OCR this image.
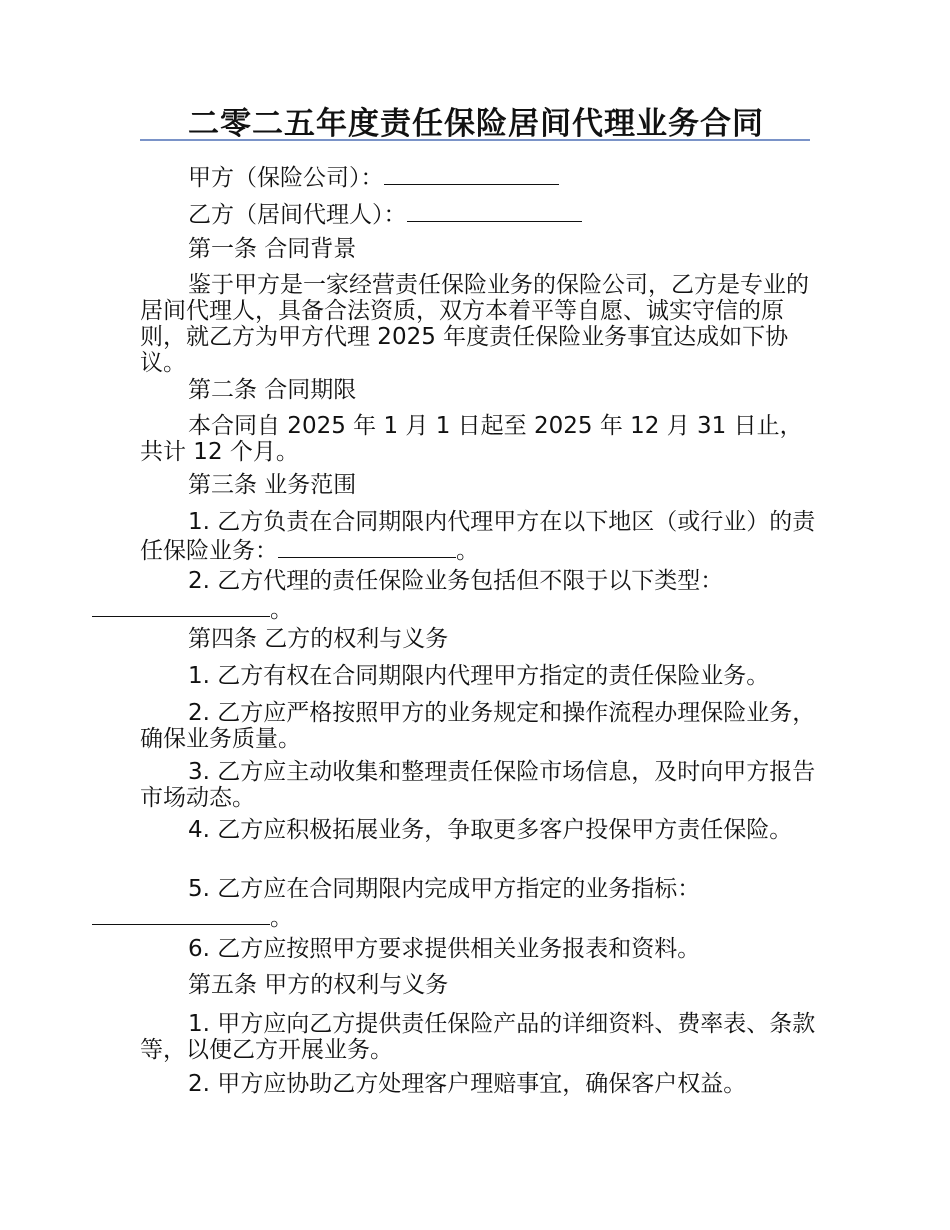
二零二五年度责任保险居间代理业务合同

甲方（保险公司）：

乙方（居间代理人）：

第一条 合同背景

鉴于甲方是一家经营责任保险业务的保险公司，乙方是专业的居间代理人，具备合法资质，双方本着平等自愿、诚实守信的原则，就乙方为甲方代理 2025 年度责任保险业务事宜达成如下协议。

第二条 合同期限

本合同自 2025 年 1 月 1 日起至 2025 年 12 月 31 日止，共计 12 个月。

第三条 业务范围

1. 乙方负责在合同期限内代理甲方在以下地区（或行业）的责任保险业务：	。

2. 乙方代理的责任保险业务包括但不限于以下类型：
。

第四条 乙方的权利与义务

1. 乙方有权在合同期限内代理甲方指定的责任保险业务。

2. 乙方应严格按照甲方的业务规定和操作流程办理保险业务，确保业务质量。

3. 乙方应主动收集和整理责任保险市场信息，及时向甲方报告市场动态。

4. 乙方应积极拓展业务，争取更多客户投保甲方责任保险。

5. 乙方应在合同期限内完成甲方指定的业务指标：
。

6. 乙方应按照甲方要求提供相关业务报表和资料。

第五条 甲方的权利与义务

1. 甲方应向乙方提供责任保险产品的详细资料、费率表、条款等，以便乙方开展业务。

2. 甲方应协助乙方处理客户理赔事宜，确保客户权益。
